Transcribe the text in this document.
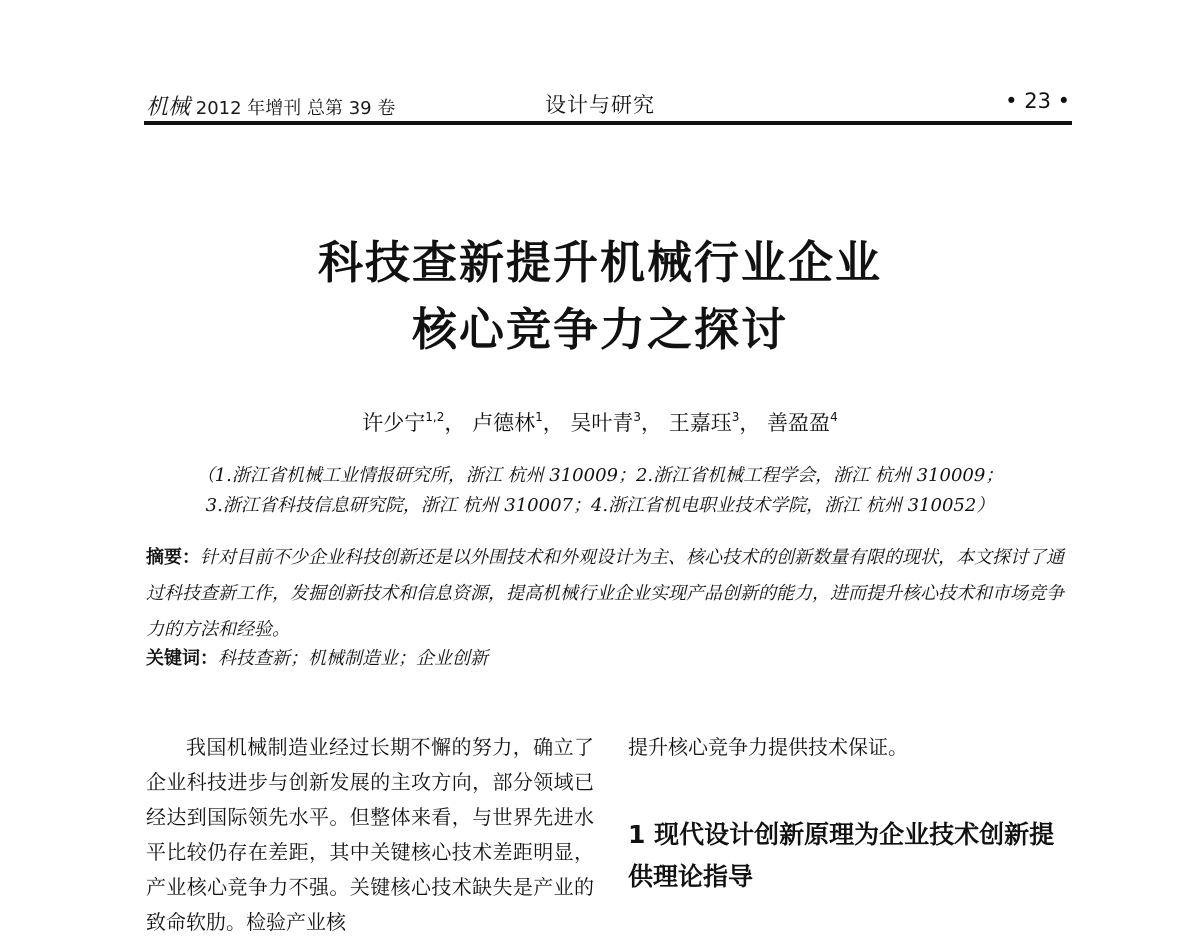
机械 2012 年增刊 总第 39 卷	设计与研究	• 23 •
科技查新提升机械行业企业
核心竞争力之探讨
许少宁$^{1,2}$， 卢德林$^1$， 吴叶青$^3$， 王嘉珏$^3$， 善盈盈$^4$
（1.浙江省机械工业情报研究所，浙江 杭州 310009；2.浙江省机械工程学会，浙江 杭州 310009；
3.浙江省科技信息研究院，浙江 杭州 310007；4.浙江省机电职业技术学院，浙江 杭州 310052）
摘要：针对目前不少企业科技创新还是以外围技术和外观设计为主、核心技术的创新数量有限的现状，本文探讨了通过科技查新工作，发掘创新技术和信息资源，提高机械行业企业实现产品创新的能力，进而提升核心技术和市场竞争力的方法和经验。
关键词：科技查新；机械制造业；企业创新
我国机械制造业经过长期不懈的努力，确立了企业科技进步与创新发展的主攻方向，部分领域已经达到国际领先水平。但整体来看，与世界先进水平比较仍存在差距，其中关键核心技术差距明显，产业核心竞争力不强。关键核心技术缺失是产业的致命软肋。检验产业核
提升核心竞争力提供技术保证。
1 现代设计创新原理为企业技术创新提供理论指导
